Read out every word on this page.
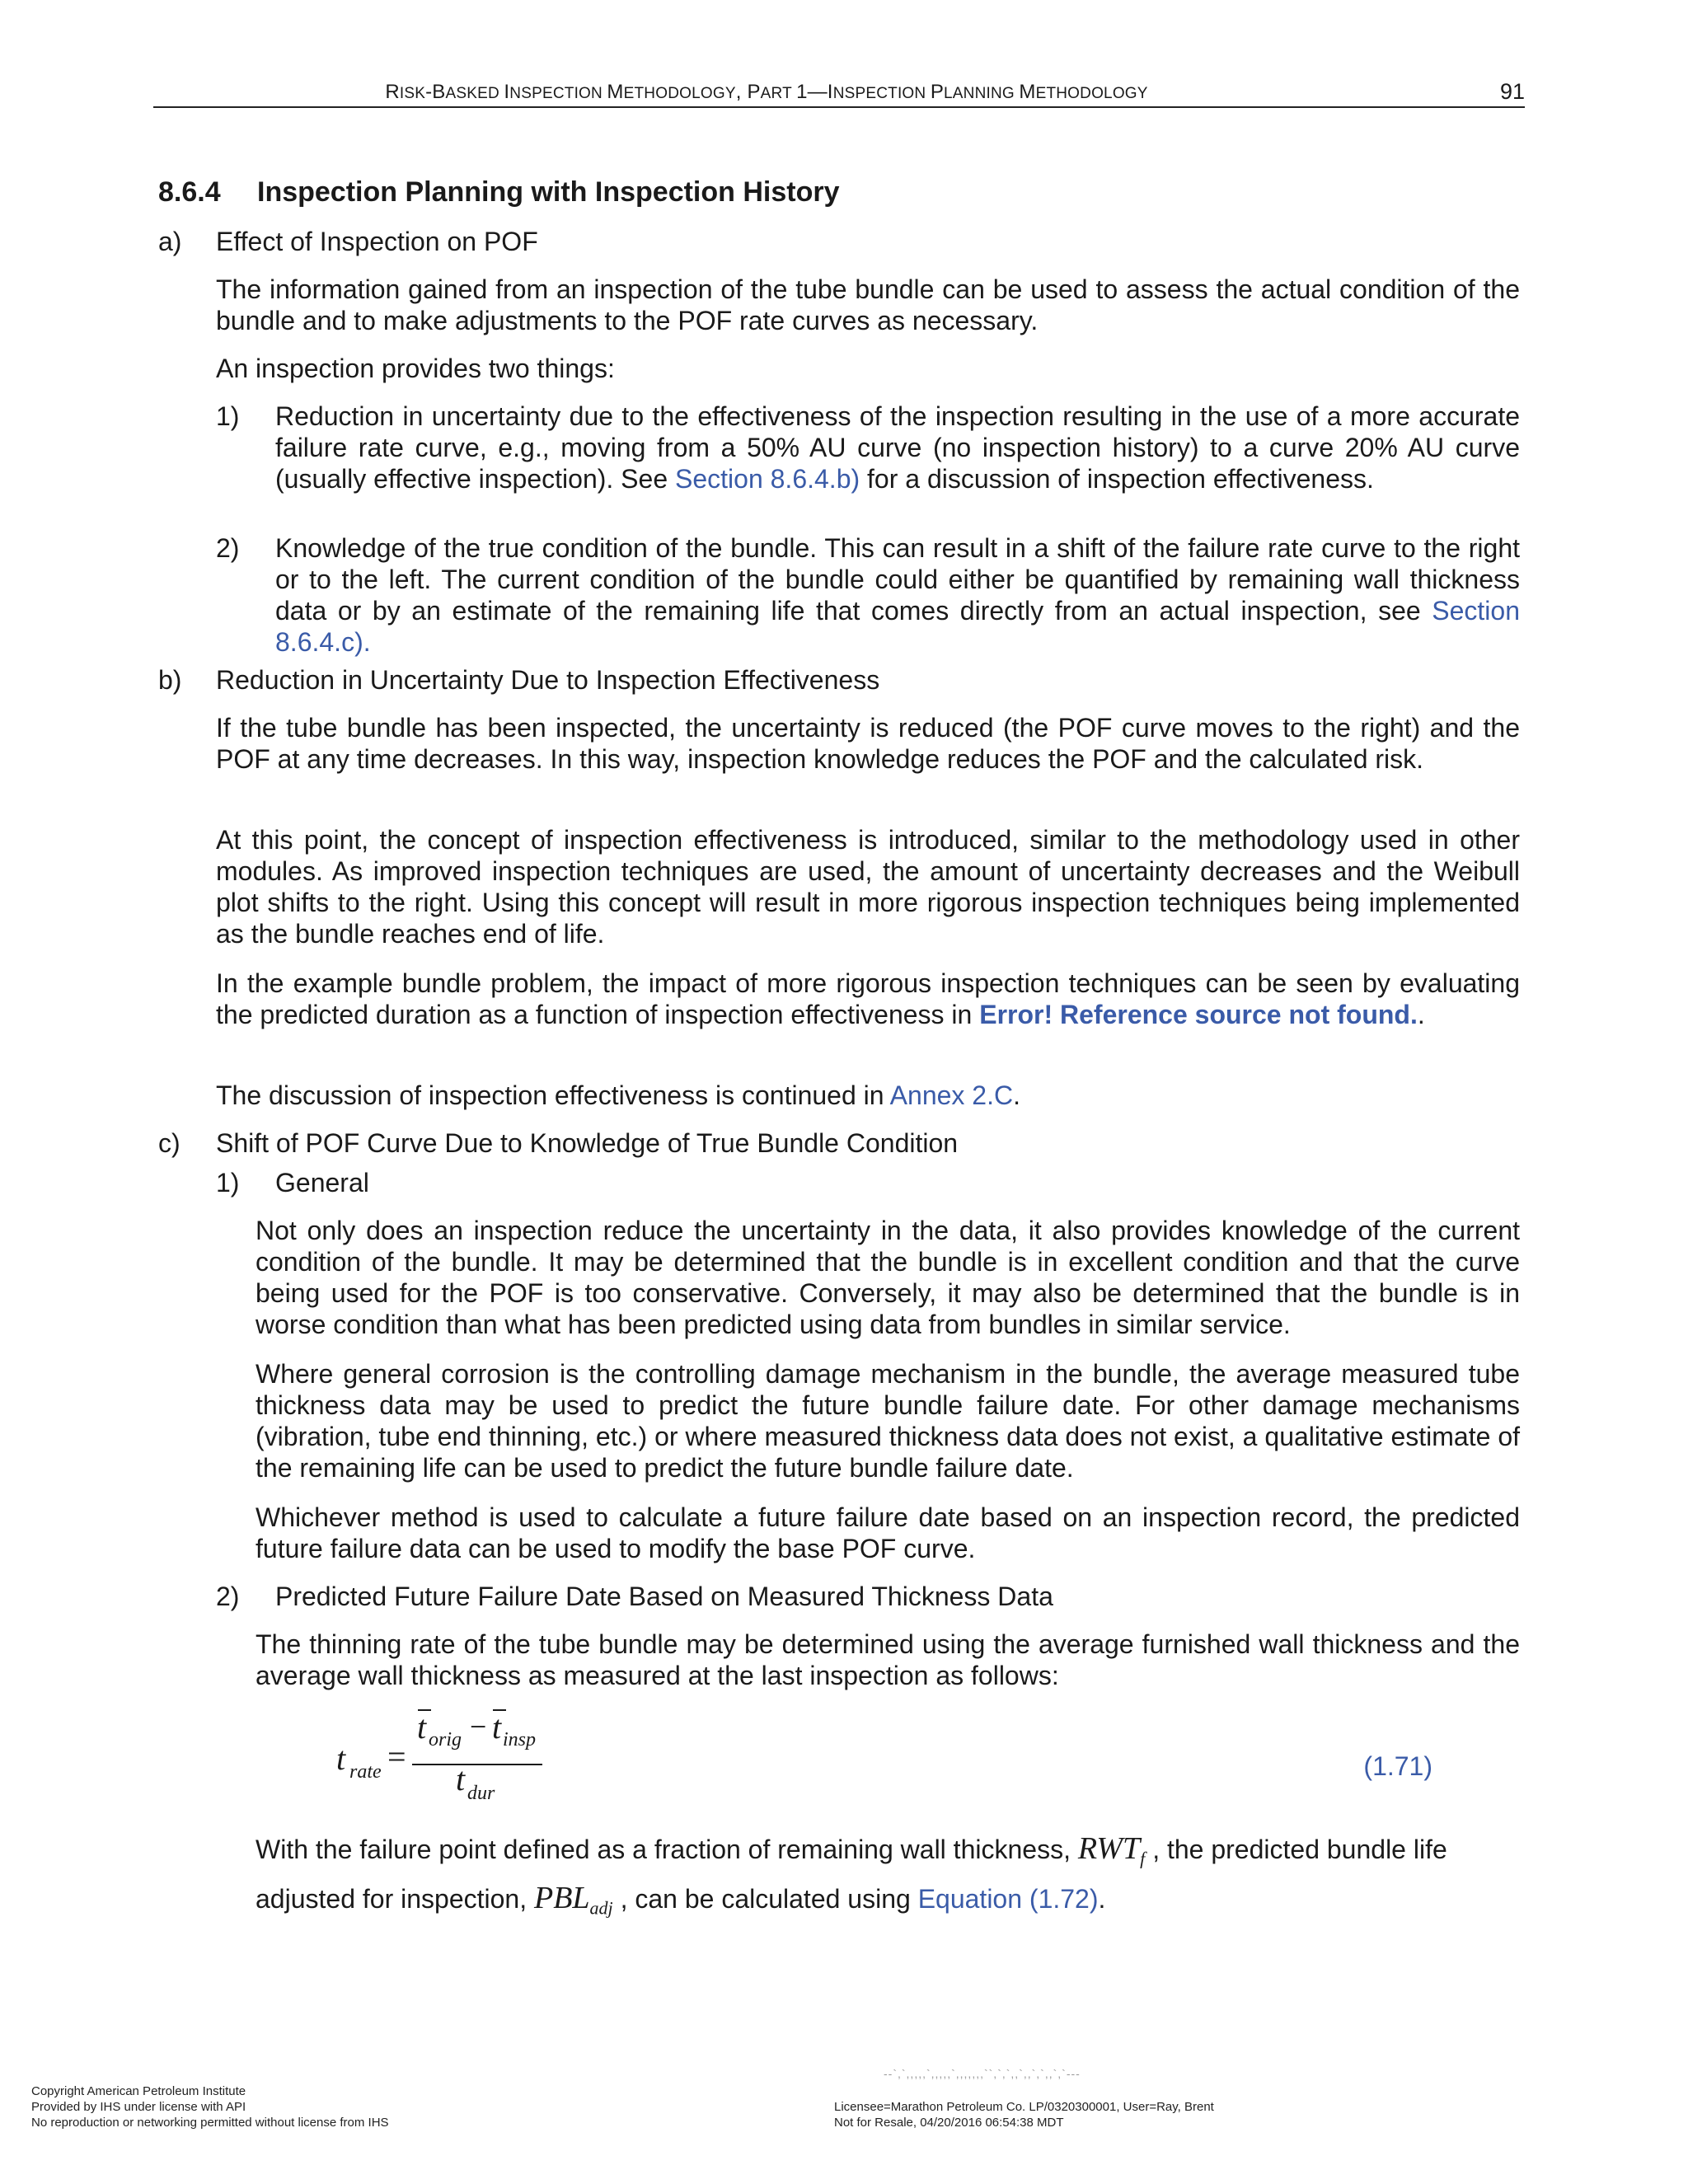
RISK-BASKED INSPECTION METHODOLOGY, PART 1—INSPECTION PLANNING METHODOLOGY	91
8.6.4 Inspection Planning with Inspection History
a) Effect of Inspection on POF
The information gained from an inspection of the tube bundle can be used to assess the actual condition of the bundle and to make adjustments to the POF rate curves as necessary.
An inspection provides two things:
1) Reduction in uncertainty due to the effectiveness of the inspection resulting in the use of a more accurate failure rate curve, e.g., moving from a 50% AU curve (no inspection history) to a curve 20% AU curve (usually effective inspection). See Section 8.6.4.b) for a discussion of inspection effectiveness.
2) Knowledge of the true condition of the bundle. This can result in a shift of the failure rate curve to the right or to the left. The current condition of the bundle could either be quantified by remaining wall thickness data or by an estimate of the remaining life that comes directly from an actual inspection, see Section 8.6.4.c).
b) Reduction in Uncertainty Due to Inspection Effectiveness
If the tube bundle has been inspected, the uncertainty is reduced (the POF curve moves to the right) and the POF at any time decreases. In this way, inspection knowledge reduces the POF and the calculated risk.
At this point, the concept of inspection effectiveness is introduced, similar to the methodology used in other modules. As improved inspection techniques are used, the amount of uncertainty decreases and the Weibull plot shifts to the right. Using this concept will result in more rigorous inspection techniques being implemented as the bundle reaches end of life.
In the example bundle problem, the impact of more rigorous inspection techniques can be seen by evaluating the predicted duration as a function of inspection effectiveness in Error! Reference source not found..
The discussion of inspection effectiveness is continued in Annex 2.C.
c) Shift of POF Curve Due to Knowledge of True Bundle Condition
1) General
Not only does an inspection reduce the uncertainty in the data, it also provides knowledge of the current condition of the bundle. It may be determined that the bundle is in excellent condition and that the curve being used for the POF is too conservative. Conversely, it may also be determined that the bundle is in worse condition than what has been predicted using data from bundles in similar service.
Where general corrosion is the controlling damage mechanism in the bundle, the average measured tube thickness data may be used to predict the future bundle failure date. For other damage mechanisms (vibration, tube end thinning, etc.) or where measured thickness data does not exist, a qualitative estimate of the remaining life can be used to predict the future bundle failure date.
Whichever method is used to calculate a future failure date based on an inspection record, the predicted future failure data can be used to modify the base POF curve.
2) Predicted Future Failure Date Based on Measured Thickness Data
The thinning rate of the tube bundle may be determined using the average furnished wall thickness and the average wall thickness as measured at the last inspection as follows:
t rate =
t orig − t insp
t dur
(1.71)
With the failure point defined as a fraction of remaining wall thickness, $RWT_f$ , the predicted bundle life
adjusted for inspection, $PBL_{adj}$ , can be calculated using Equation (1.72).
--`,`,,,,,`,,,,,`,,,,,,,``,`,`,,`,,`,`,,`,`---
Copyright American Petroleum Institute
Provided by IHS under license with API
No reproduction or networking permitted without license from IHS
Licensee=Marathon Petroleum Co. LP/0320300001, User=Ray, Brent
Not for Resale, 04/20/2016 06:54:38 MDT
